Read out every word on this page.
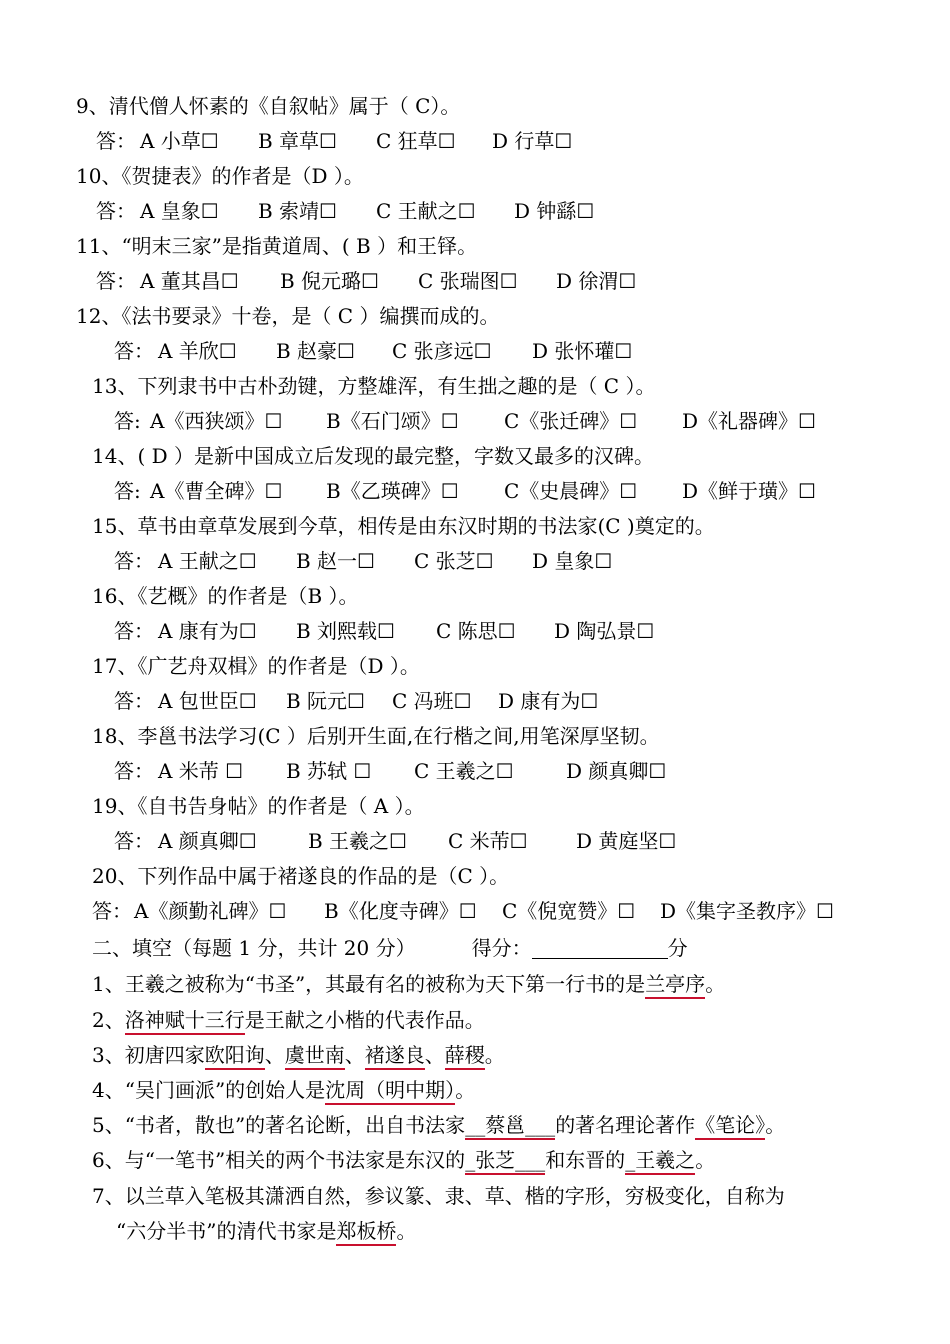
9、清代僧人怀素的《自叙帖》属于（ C）。
答： A 小草☐ B 章草☐ C 狂草☐ D 行草☐
10、《贺捷表》的作者是（D ）。
答： A 皇象☐ B 索靖☐ C 王献之☐ D 钟繇☐
11、“明末三家”是指黄道周、( B ）和王铎。
答： A 董其昌☐ B 倪元璐☐ C 张瑞图☐ D 徐渭☐
12、《法书要录》十卷，是（ C ）编撰而成的。
答： A 羊欣☐ B 赵豪☐ C 张彦远☐ D 张怀瓘☐
13、下列隶书中古朴劲键，方整雄浑，有生拙之趣的是（ C ）。
答: A《西狭颂》☐ B《石门颂》☐ C《张迁碑》☐ D《礼器碑》☐
14、( D ）是新中国成立后发现的最完整，字数又最多的汉碑。
答: A《曹全碑》☐ B《乙瑛碑》☐ C《史晨碑》☐ D《鲜于璜》☐
15、草书由章草发展到今草，相传是由东汉时期的书法家(C )奠定的。
答： A 王献之☐ B 赵一☐ C 张芝☐ D 皇象☐
16、《艺概》的作者是（B ）。
答： A 康有为☐ B 刘熙载☐ C 陈思☐ D 陶弘景☐
17、《广艺舟双楫》的作者是（D ）。
答： A 包世臣☐ B 阮元☐ C 冯班☐ D 康有为☐
18、李邕书法学习(C ）后别开生面,在行楷之间,用笔深厚坚韧。
答： A 米芾 ☐ B 苏轼 ☐ C 王羲之☐	D 颜真卿☐
19、《自书告身帖》的作者是（ A ）。
答： A 颜真卿☐	B 王羲之☐ C 米芾☐ D 黄庭坚☐
20、下列作品中属于褚遂良的作品的是（C ）。
答： A《颜勤礼碑》☐ B《化度寺碑》☐ C《倪宽赞》☐ D《集字圣教序》☐
二、填空（每题 1 分，共计 20 分）	得分：	分
1、王羲之被称为“书圣”，其最有名的被称为天下第一行书的是兰亭序。
2、洛神赋十三行是王献之小楷的代表作品。
3、初唐四家欧阳询、虞世南、褚遂良、薛稷。
4、“吴门画派”的创始人是沈周（明中期）。
5、“书者，散也”的著名论断，出自书法家__蔡邕___的著名理论著作《笔论》。
6、与“一笔书”相关的两个书法家是东汉的_张芝___和东晋的_王羲之。
7、以兰草入笔极其潇洒自然，参议篆、隶、草、楷的字形，穷极变化，自称为
“六分半书”的清代书家是郑板桥。
